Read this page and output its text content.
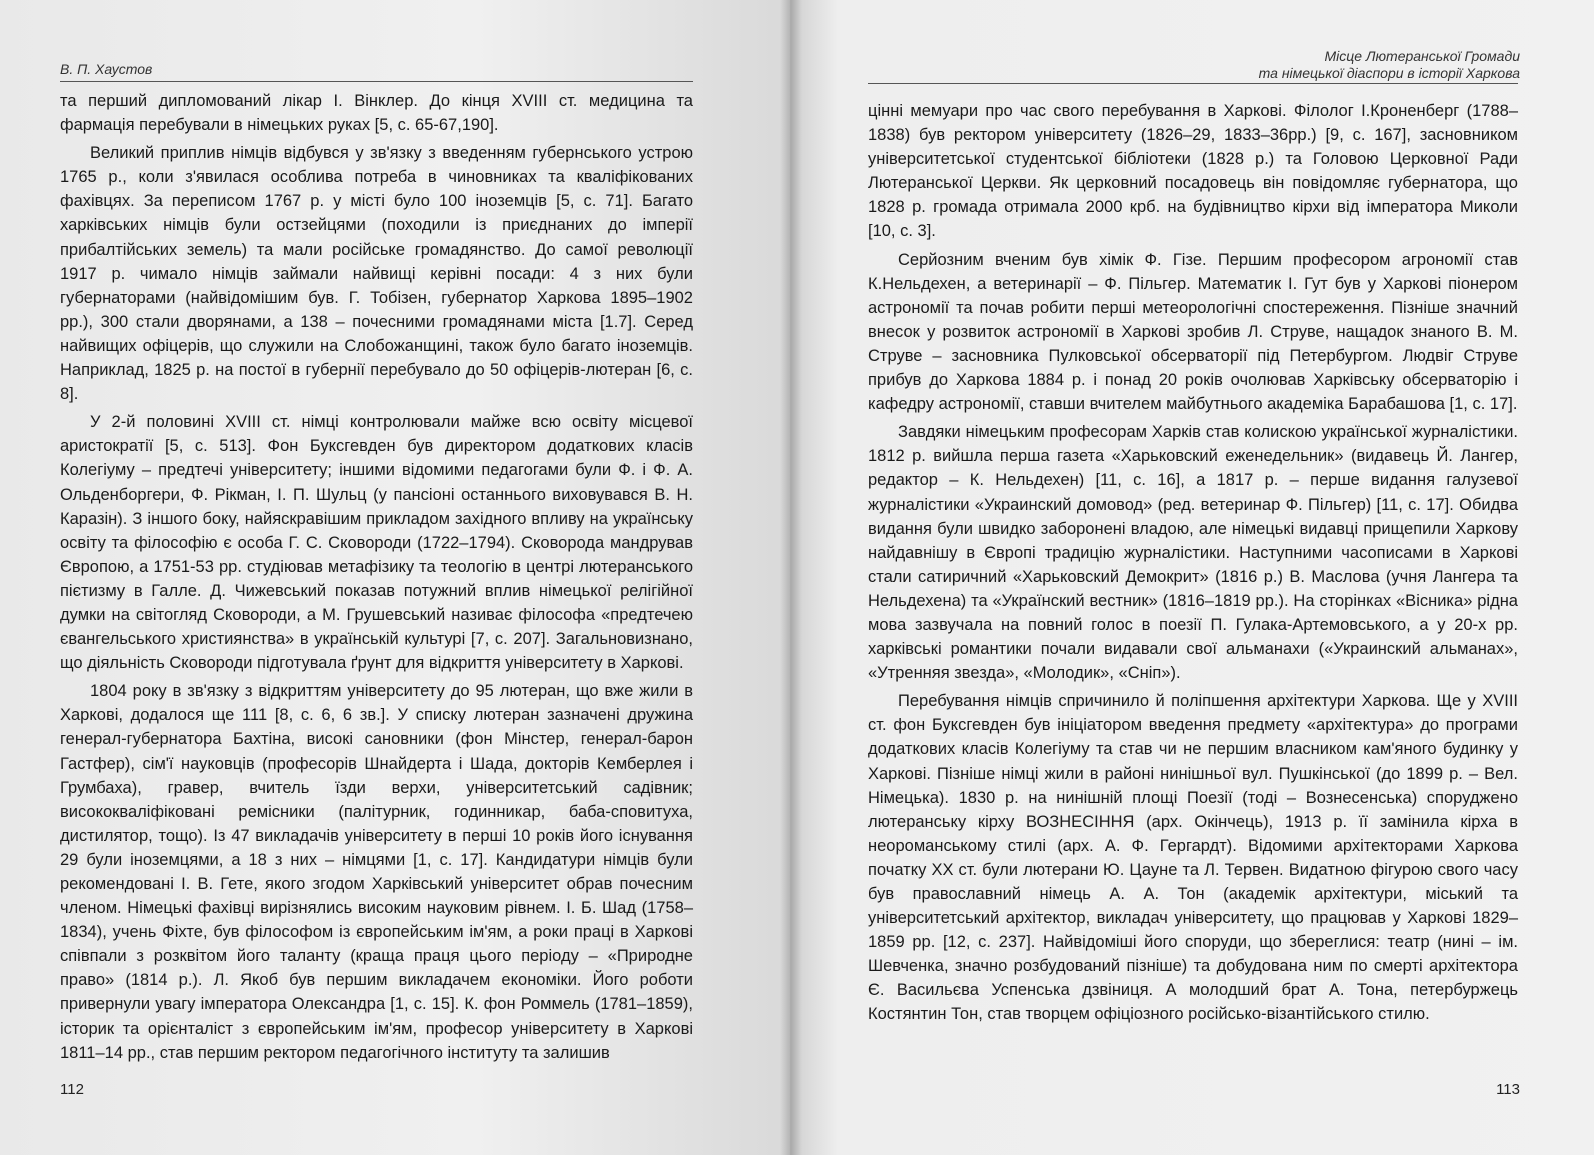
В. П. Хаустов

та перший дипломований лікар І. Вінклер. До кінця XVIII ст. медицина та фармація перебували в німецьких руках [5, с. 65-67,190].

Великий приплив німців відбувся у зв'язку з введенням губернського устрою 1765 р., коли з'явилася особлива потреба в чиновниках та кваліфікованих фахівцях. За переписом 1767 р. у місті було 100 іноземців [5, с. 71]. Багато харківських німців були остзейцями (походили із приєднаних до імперії прибалтійських земель) та мали російське громадянство. До самої революції 1917 р. чимало німців займали найвищі керівні посади: 4 з них були губернаторами (найвідомішим був. Г. Тобізен, губернатор Харкова 1895–1902 рр.), 300 стали дворянами, а 138 – почесними громадянами міста [1.7]. Серед найвищих офіцерів, що служили на Слобожанщині, також було багато іноземців. Наприклад, 1825 р. на постої в губернії перебувало до 50 офіцерів-лютеран [6, с. 8].

У 2-й половині XVIII ст. німці контролювали майже всю освіту місцевої аристократії [5, с. 513]. Фон Буксгевден був директором додаткових класів Колегіуму – предтечі університету; іншими відомими педагогами були Ф. і Ф. А. Ольденборгери, Ф. Рікман, І. П. Шульц (у пансіоні останнього виховувався В. Н. Каразін). З іншого боку, найяскравішим прикладом західного впливу на українську освіту та філософію є особа Г. С. Сковороди (1722–1794). Сковорода мандрував Європою, а 1751-53 рр. студіював метафізику та теологію в центрі лютеранського пієтизму в Галле. Д. Чижевський показав потужний вплив німецької релігійної думки на світогляд Сковороди, а М. Грушевський називає філософа «предтечею євангельського християнства» в українській культурі [7, с. 207]. Загальновизнано, що діяльність Сковороди підготувала ґрунт для відкриття університету в Харкові.

1804 року в зв'язку з відкриттям університету до 95 лютеран, що вже жили в Харкові, додалося ще 111 [8, с. 6, 6 зв.]. У списку лютеран зазначені дружина генерал-губернатора Бахтіна, високі сановники (фон Мінстер, генерал-барон Гастфер), сім'ї науковців (професорів Шнайдерта і Шада, докторів Кемберлея і Грумбаха), гравер, вчитель їзди верхи, університетський садівник; висококваліфіковані ремісники (палітурник, годинникар, баба-сповитуха, дистилятор, тощо). Із 47 викладачів університету в перші 10 років його існування 29 були іноземцями, а 18 з них – німцями [1, с. 17]. Кандидатури німців були рекомендовані І. В. Гете, якого згодом Харківський університет обрав почесним членом. Німецькі фахівці вирізнялись високим науковим рівнем. І. Б. Шад (1758–1834), учень Фіхте, був філософом із європейським ім'ям, а роки праці в Харкові співпали з розквітом його таланту (краща праця цього періоду – «Природне право» (1814 р.). Л. Якоб був першим викладачем економіки. Його роботи привернули увагу імператора Олександра [1, с. 15]. К. фон Роммель (1781–1859), історик та орієнталіст з європейським ім'ям, професор університету в Харкові 1811–14 рр., став першим ректором педагогічного інституту та залишив

112
Місце Лютеранської Громади
та німецької діаспори в історії Харкова

цінні мемуари про час свого перебування в Харкові. Філолог І.Кроненберг (1788–1838) був ректором університету (1826–29, 1833–36рр.) [9, с. 167], засновником університетської студентської бібліотеки (1828 р.) та Головою Церковної Ради Лютеранської Церкви. Як церковний посадовець він повідомляє губернатора, що 1828 р. громада отримала 2000 крб. на будівництво кірхи від імператора Миколи [10, с. 3].

Серйозним вченим був хімік Ф. Гізе. Першим професором агрономії став К.Нельдехен, а ветеринарії – Ф. Пільгер. Математик І. Гут був у Харкові піонером астрономії та почав робити перші метеорологічні спостереження. Пізніше значний внесок у розвиток астрономії в Харкові зробив Л. Струве, нащадок знаного В. М. Струве – засновника Пулковської обсерваторії під Петербургом. Людвіг Струве прибув до Харкова 1884 р. і понад 20 років очолював Харківську обсерваторію і кафедру астрономії, ставши вчителем майбутнього академіка Барабашова [1, с. 17].

Завдяки німецьким професорам Харків став колискою української журналістики. 1812 р. вийшла перша газета «Харьковский еженедельник» (видавець Й. Лангер, редактор – К. Нельдехен) [11, с. 16], а 1817 р. – перше видання галузевої журналістики «Украинский домовод» (ред. ветеринар Ф. Пільгер) [11, с. 17]. Обидва видання були швидко заборонені владою, але німецькі видавці прищепили Харкову найдавнішу в Європі традицію журналістики. Наступними часописами в Харкові стали сатиричний «Харьковский Демокрит» (1816 р.) В. Маслова (учня Лангера та Нельдехена) та «Украïнский вестник» (1816–1819 рр.). На сторінках «Вісника» рідна мова зазвучала на повний голос в поезії П. Гулака-Артемовського, а у 20-х рр. харківські романтики почали видавали свої альманахи («Украинский альманах», «Утренняя звезда», «Молодик», «Сніп»).

Перебування німців спричинило й поліпшення архітектури Харкова. Ще у XVIII ст. фон Буксгевден був ініціатором введення предмету «архітектура» до програми додаткових класів Колегіуму та став чи не першим власником кам'яного будинку у Харкові. Пізніше німці жили в районі нинішньої вул. Пушкінської (до 1899 р. – Вел. Німецька). 1830 р. на нинішній площі Поезії (тоді – Вознесенська) споруджено лютеранську кірху ВОЗНЕСІННЯ (арх. Окінчець), 1913 р. її замінила кірха в неороманському стилі (арх. А. Ф. Гергардт). Відомими архітекторами Харкова початку XX ст. були лютерани Ю. Цауне та Л. Тервен. Видатною фігурою свого часу був православний німець А. А. Тон (академік архітектури, міський та університетський архітектор, викладач університету, що працював у Харкові 1829–1859 рр. [12, с. 237]. Найвідоміші його споруди, що збереглися: театр (нині – ім. Шевченка, значно розбудований пізніше) та добудована ним по смерті архітектора Є. Васильєва Успенська дзвіниця. А молодший брат А. Тона, петербуржець Костянтин Тон, став творцем офіціозного російсько-візантійського стилю.

113
